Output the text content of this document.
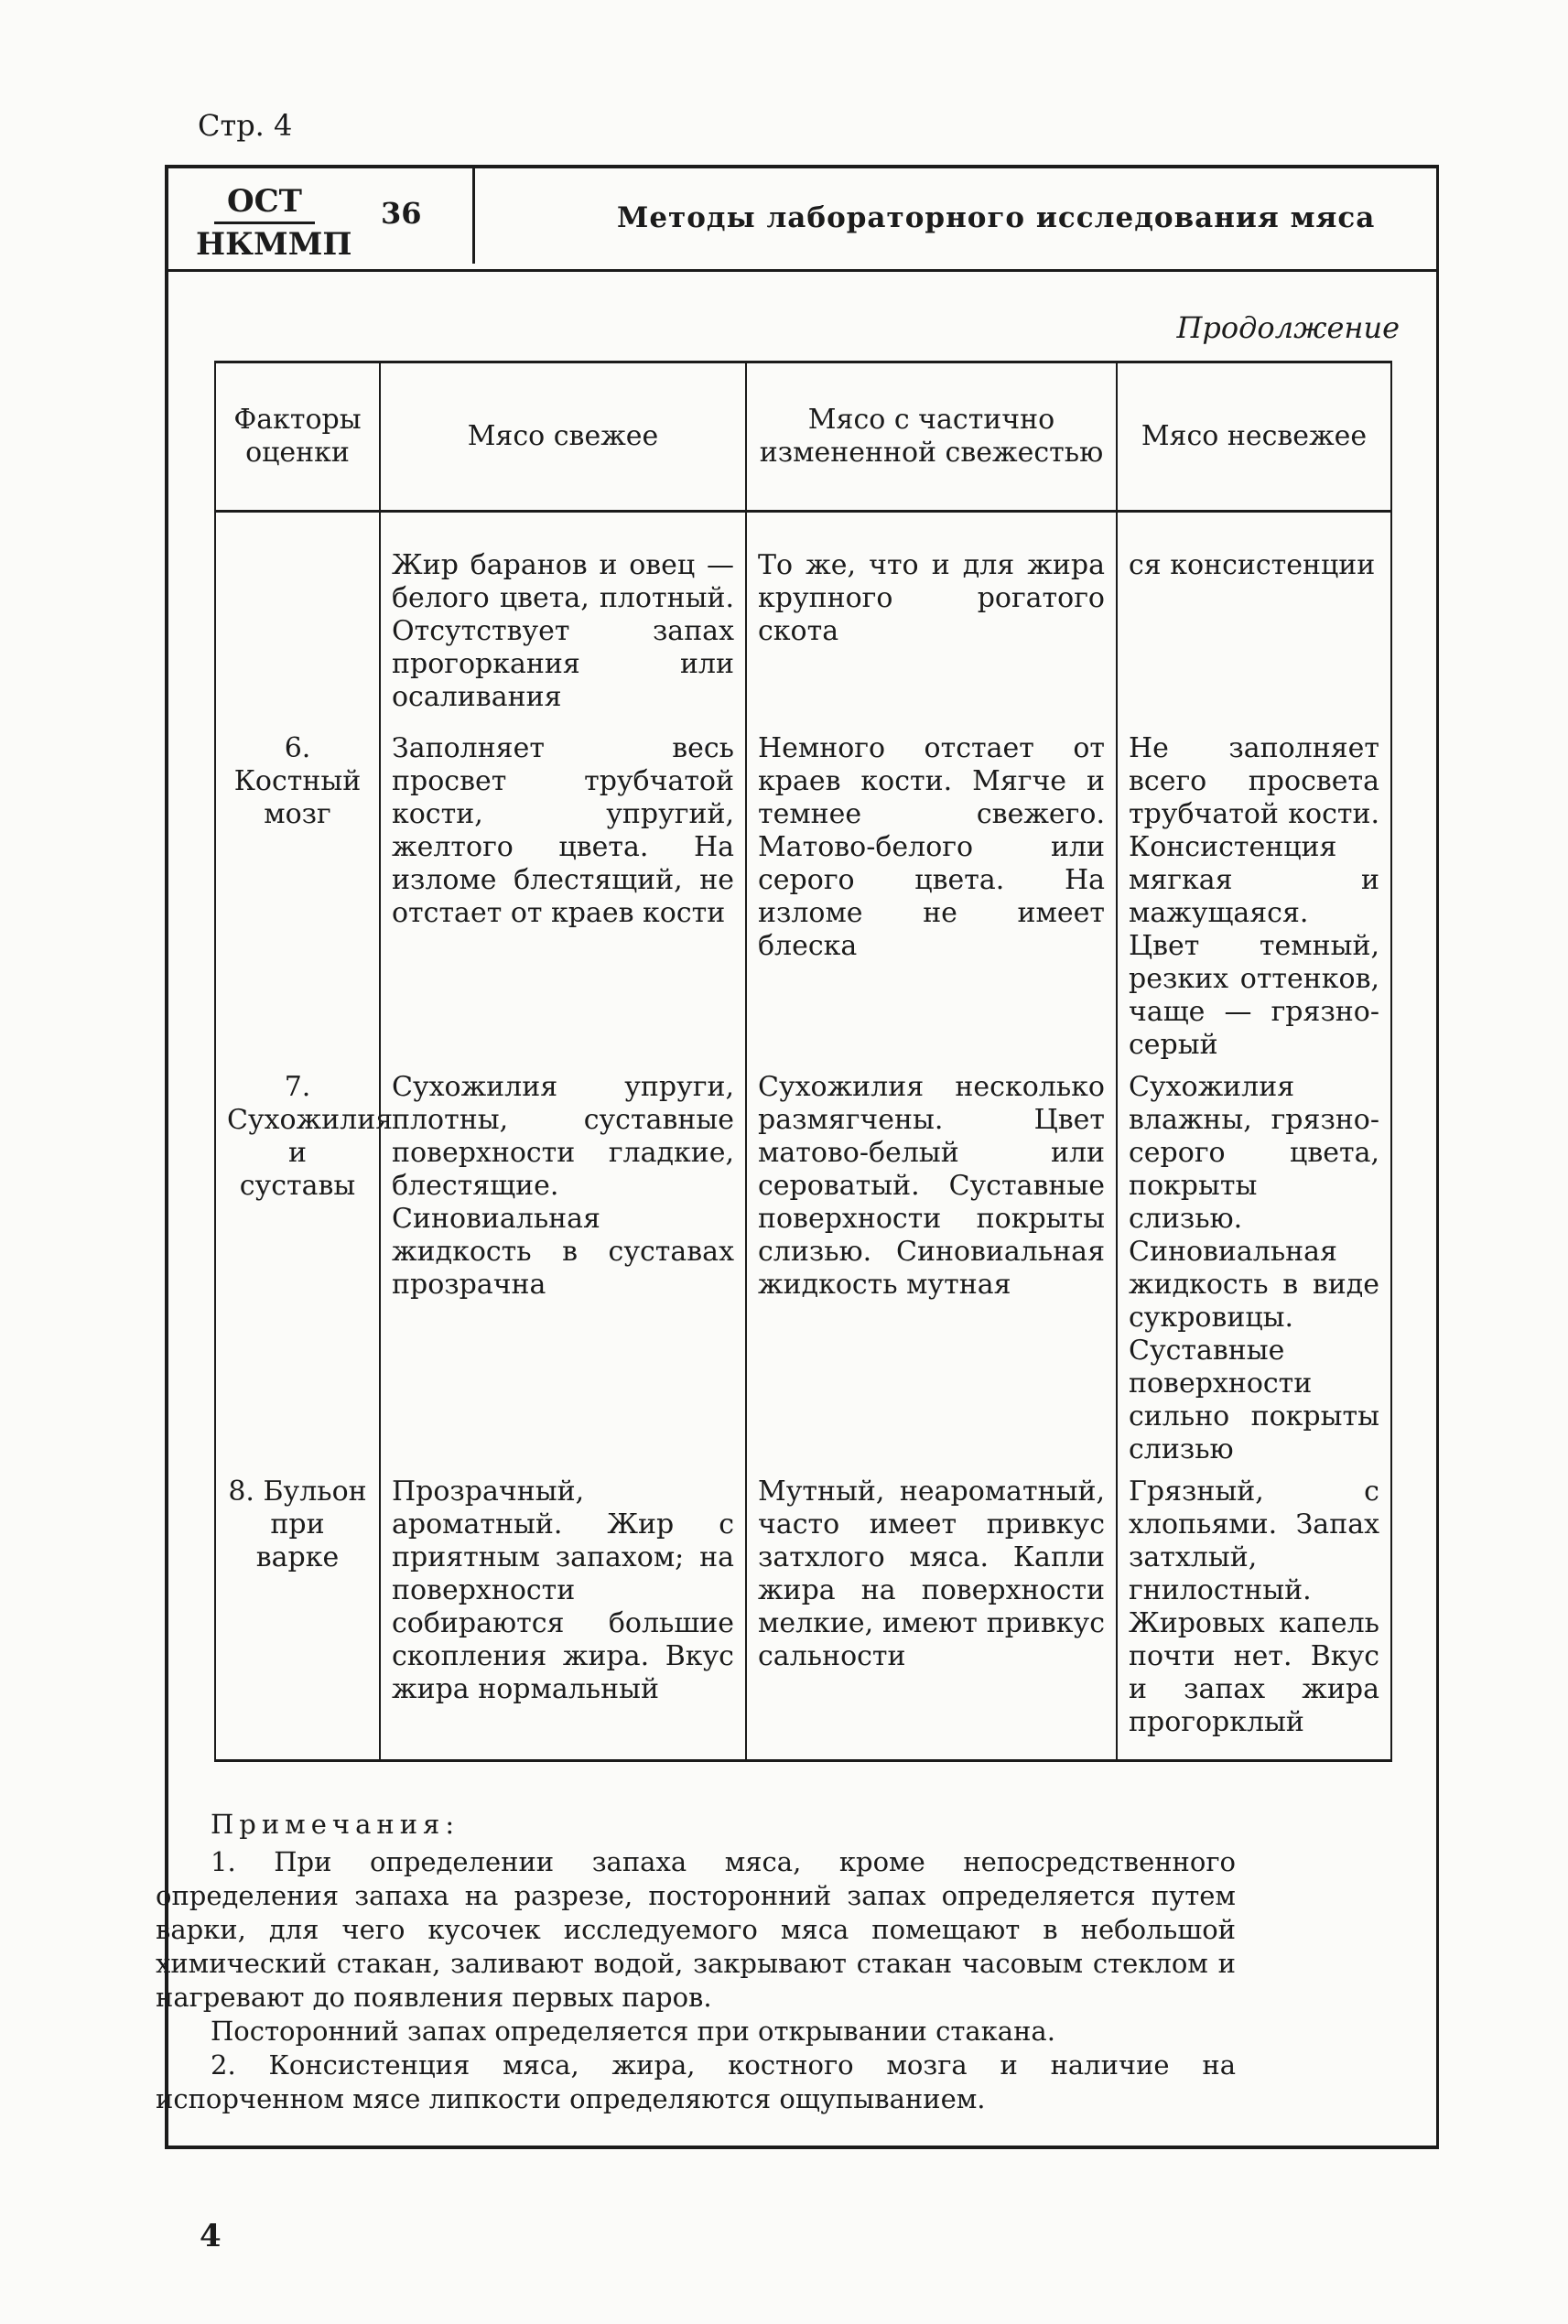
Стр. 4
ОСТ
НКММП
36	Методы лабораторного исследования мяса
Продолжение
Факторы оценки	Мясо свежее	Мясо с частично измененной свежестью	Мясо несвежее
	Жир баранов и овец — белого цвета, плотный. Отсутствует запах прогоркания или осаливания	То же, что и для жира крупного рогатого скота	ся консистенции
6. Костный мозг	Заполняет весь просвет трубчатой кости, упругий, желтого цвета. На изломе блестящий, не отстает от краев кости	Немного отстает от краев кости. Мягче и темнее свежего. Матово-белого или серого цвета. На изломе не имеет блеска	Не заполняет всего просвета трубчатой кости. Консистенция мягкая и мажущаяся. Цвет темный, резких оттенков, чаще — грязно-серый
7. Сухожилия и суставы	Сухожилия упруги, плотны, суставные поверхности гладкие, блестящие. Синовиальная жидкость в суставах прозрачна	Сухожилия несколько размягчены. Цвет матово-белый или сероватый. Суставные поверхности покрыты слизью. Синовиальная жидкость мутная	Сухожилия влажны, грязно-серого цвета, покрыты слизью. Синовиальная жидкость в виде сукровицы. Суставные поверхности сильно покрыты слизью
8. Бульон при варке	Прозрачный, ароматный. Жир с приятным запахом; на поверхности собираются большие скопления жира. Вкус жира нормальный	Мутный, неароматный, часто имеет привкус затхлого мяса. Капли жира на поверхности мелкие, имеют привкус сальности	Грязный, с хлопьями. Запах затхлый, гнилостный. Жировых капель почти нет. Вкус и запах жира прогорклый

Примечания:

1. При определении запаха мяса, кроме непосредственного определения запаха на разрезе, посторонний запах определяется путем варки, для чего кусочек исследуемого мяса помещают в небольшой химический стакан, заливают водой, закрывают стакан часовым стеклом и нагревают до появления первых паров.

Посторонний запах определяется при открывании стакана.

2. Консистенция мяса, жира, костного мозга и наличие на испорченном мясе липкости определяются ощупыванием.

4
